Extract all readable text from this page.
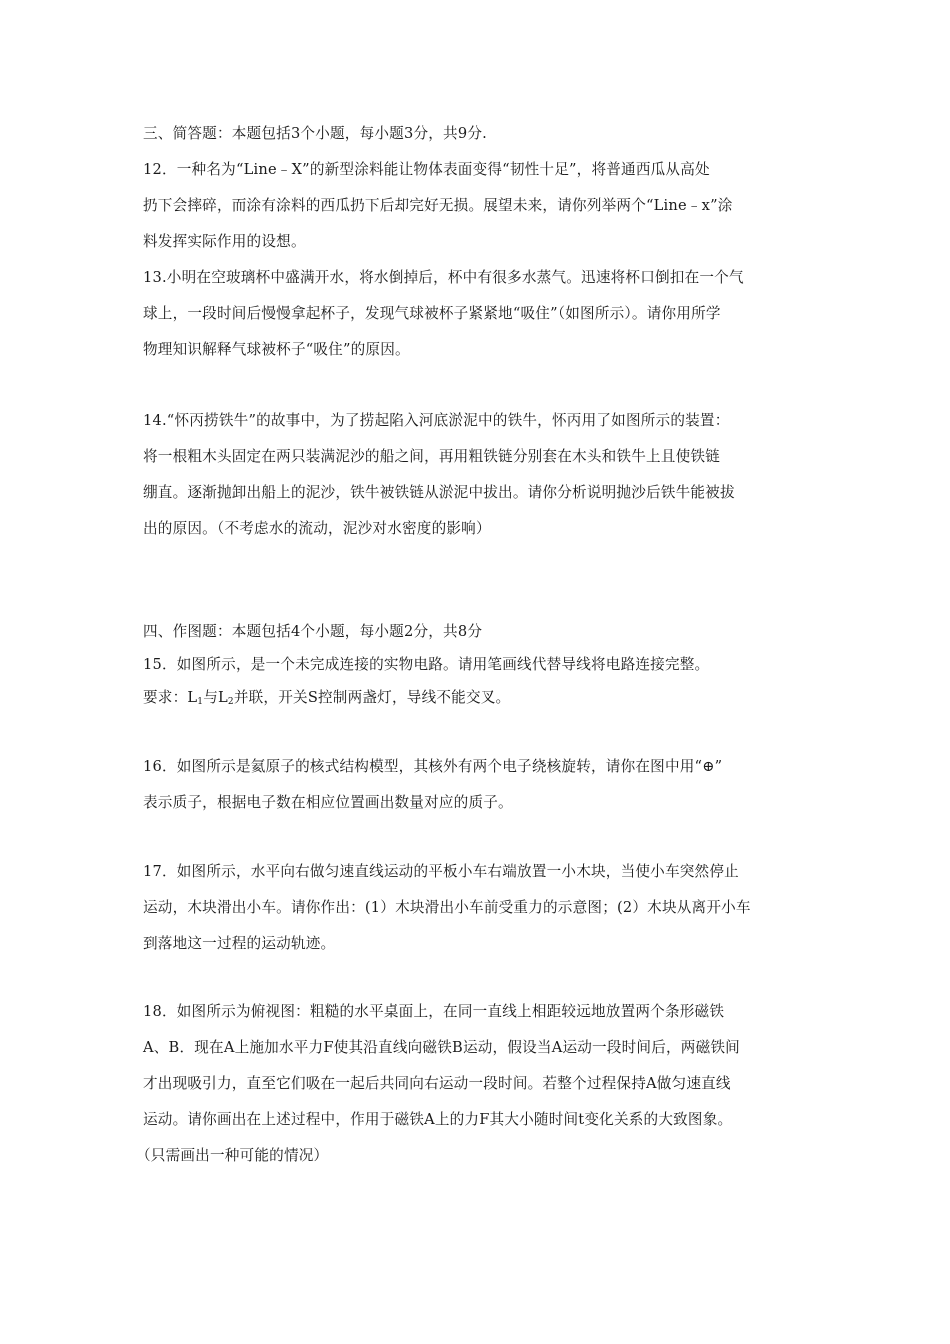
三、简答题：本题包括3个小题，每小题3分，共9分.
12．一种名为“Line﹣X”的新型涂料能让物体表面变得“韧性十足”，将普通西瓜从高处
扔下会摔碎，而涂有涂料的西瓜扔下后却完好无损。展望未来，请你列举两个“Line﹣x”涂
料发挥实际作用的设想。
13.小明在空玻璃杯中盛满开水，将水倒掉后，杯中有很多水蒸气。迅速将杯口倒扣在一个气
球上，一段时间后慢慢拿起杯子，发现气球被杯子紧紧地“吸住”（如图所示）。请你用所学
物理知识解释气球被杯子“吸住”的原因。
14.“怀丙捞铁牛”的故事中，为了捞起陷入河底淤泥中的铁牛，怀丙用了如图所示的装置：
将一根粗木头固定在两只装满泥沙的船之间，再用粗铁链分别套在木头和铁牛上且使铁链
绷直。逐渐抛卸出船上的泥沙，铁牛被铁链从淤泥中拔出。请你分析说明抛沙后铁牛能被拔
出的原因。（不考虑水的流动，泥沙对水密度的影响）
四、作图题：本题包括4个小题，每小题2分，共8分
15．如图所示，是一个未完成连接的实物电路。请用笔画线代替导线将电路连接完整。
要求：$L_1$与$L_2$并联，开关S控制两盏灯，导线不能交叉。
16．如图所示是氦原子的核式结构模型，其核外有两个电子绕核旋转，请你在图中用“⊕”
表示质子，根据电子数在相应位置画出数量对应的质子。
17．如图所示，水平向右做匀速直线运动的平板小车右端放置一小木块，当使小车突然停止
运动，木块滑出小车。请你作出：(1）木块滑出小车前受重力的示意图；(2）木块从离开小车
到落地这一过程的运动轨迹。
18．如图所示为俯视图：粗糙的水平桌面上，在同一直线上相距较远地放置两个条形磁铁
A、B．现在A上施加水平力F使其沿直线向磁铁B运动，假设当A运动一段时间后，两磁铁间
才出现吸引力，直至它们吸在一起后共同向右运动一段时间。若整个过程保持A做匀速直线
运动。请你画出在上述过程中，作用于磁铁A上的力F其大小随时间t变化关系的大致图象。
（只需画出一种可能的情况）
